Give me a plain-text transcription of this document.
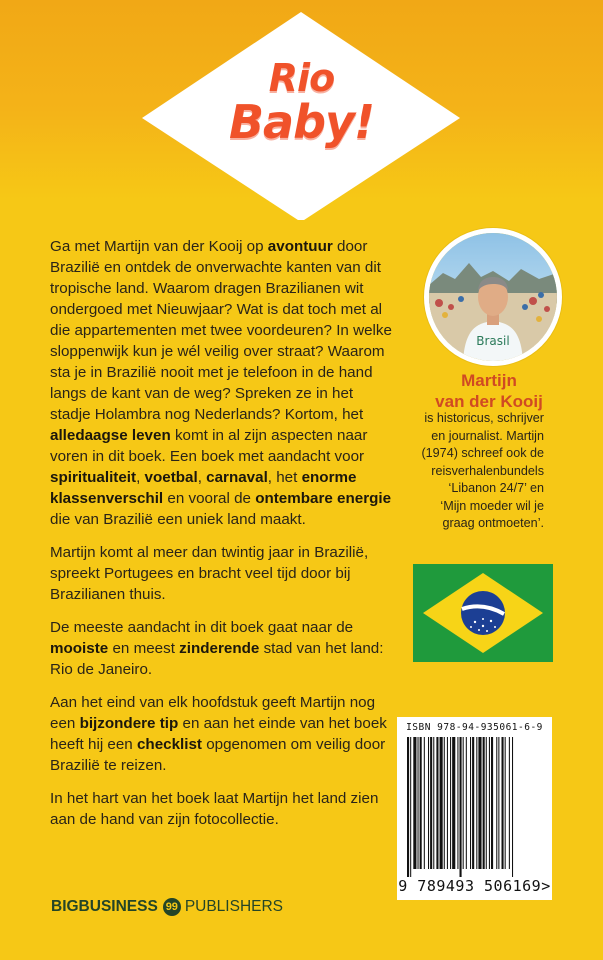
Rio
Baby!

Ga met Martijn van der Kooij op avontuur door Brazilië en ontdek de onverwachte kanten van dit tropische land. Waarom dragen Brazilianen wit ondergoed met Nieuwjaar? Wat is dat toch met al die appartementen met twee voordeuren? In welke sloppenwijk kun je wél veilig over straat? Waarom sta je in Brazilië nooit met je telefoon in de hand langs de kant van de weg? Spreken ze in het stadje Holambra nog Nederlands? Kortom, het alledaagse leven komt in al zijn aspecten naar voren in dit boek. Een boek met aandacht voor spiritualiteit, voetbal, carnaval, het enorme klassenverschil en vooral de ontembare energie die van Brazilië een uniek land maakt.

Martijn komt al meer dan twintig jaar in Brazilië, spreekt Portugees en bracht veel tijd door bij Brazilianen thuis.

De meeste aandacht in dit boek gaat naar de mooiste en meest zinderende stad van het land: Rio de Janeiro.

Aan het eind van elk hoofdstuk geeft Martijn nog een bijzondere tip en aan het einde van het boek heeft hij een checklist opgenomen om veilig door Brazilië te reizen.

In het hart van het boek laat Martijn het land zien aan de hand van zijn fotocollectie.

Brasil
Martijn
van der Kooij
is historicus, schrijver
en journalist. Martijn
(1974) schreef ook de
reisverhalenbundels
‘Libanon 24/7’ en
‘Mijn moeder wil je
graag ontmoeten’.
ISBN 978-94-935061-6-9
9 789493 506169>
BIGBUSINESS 99 PUBLISHERS
